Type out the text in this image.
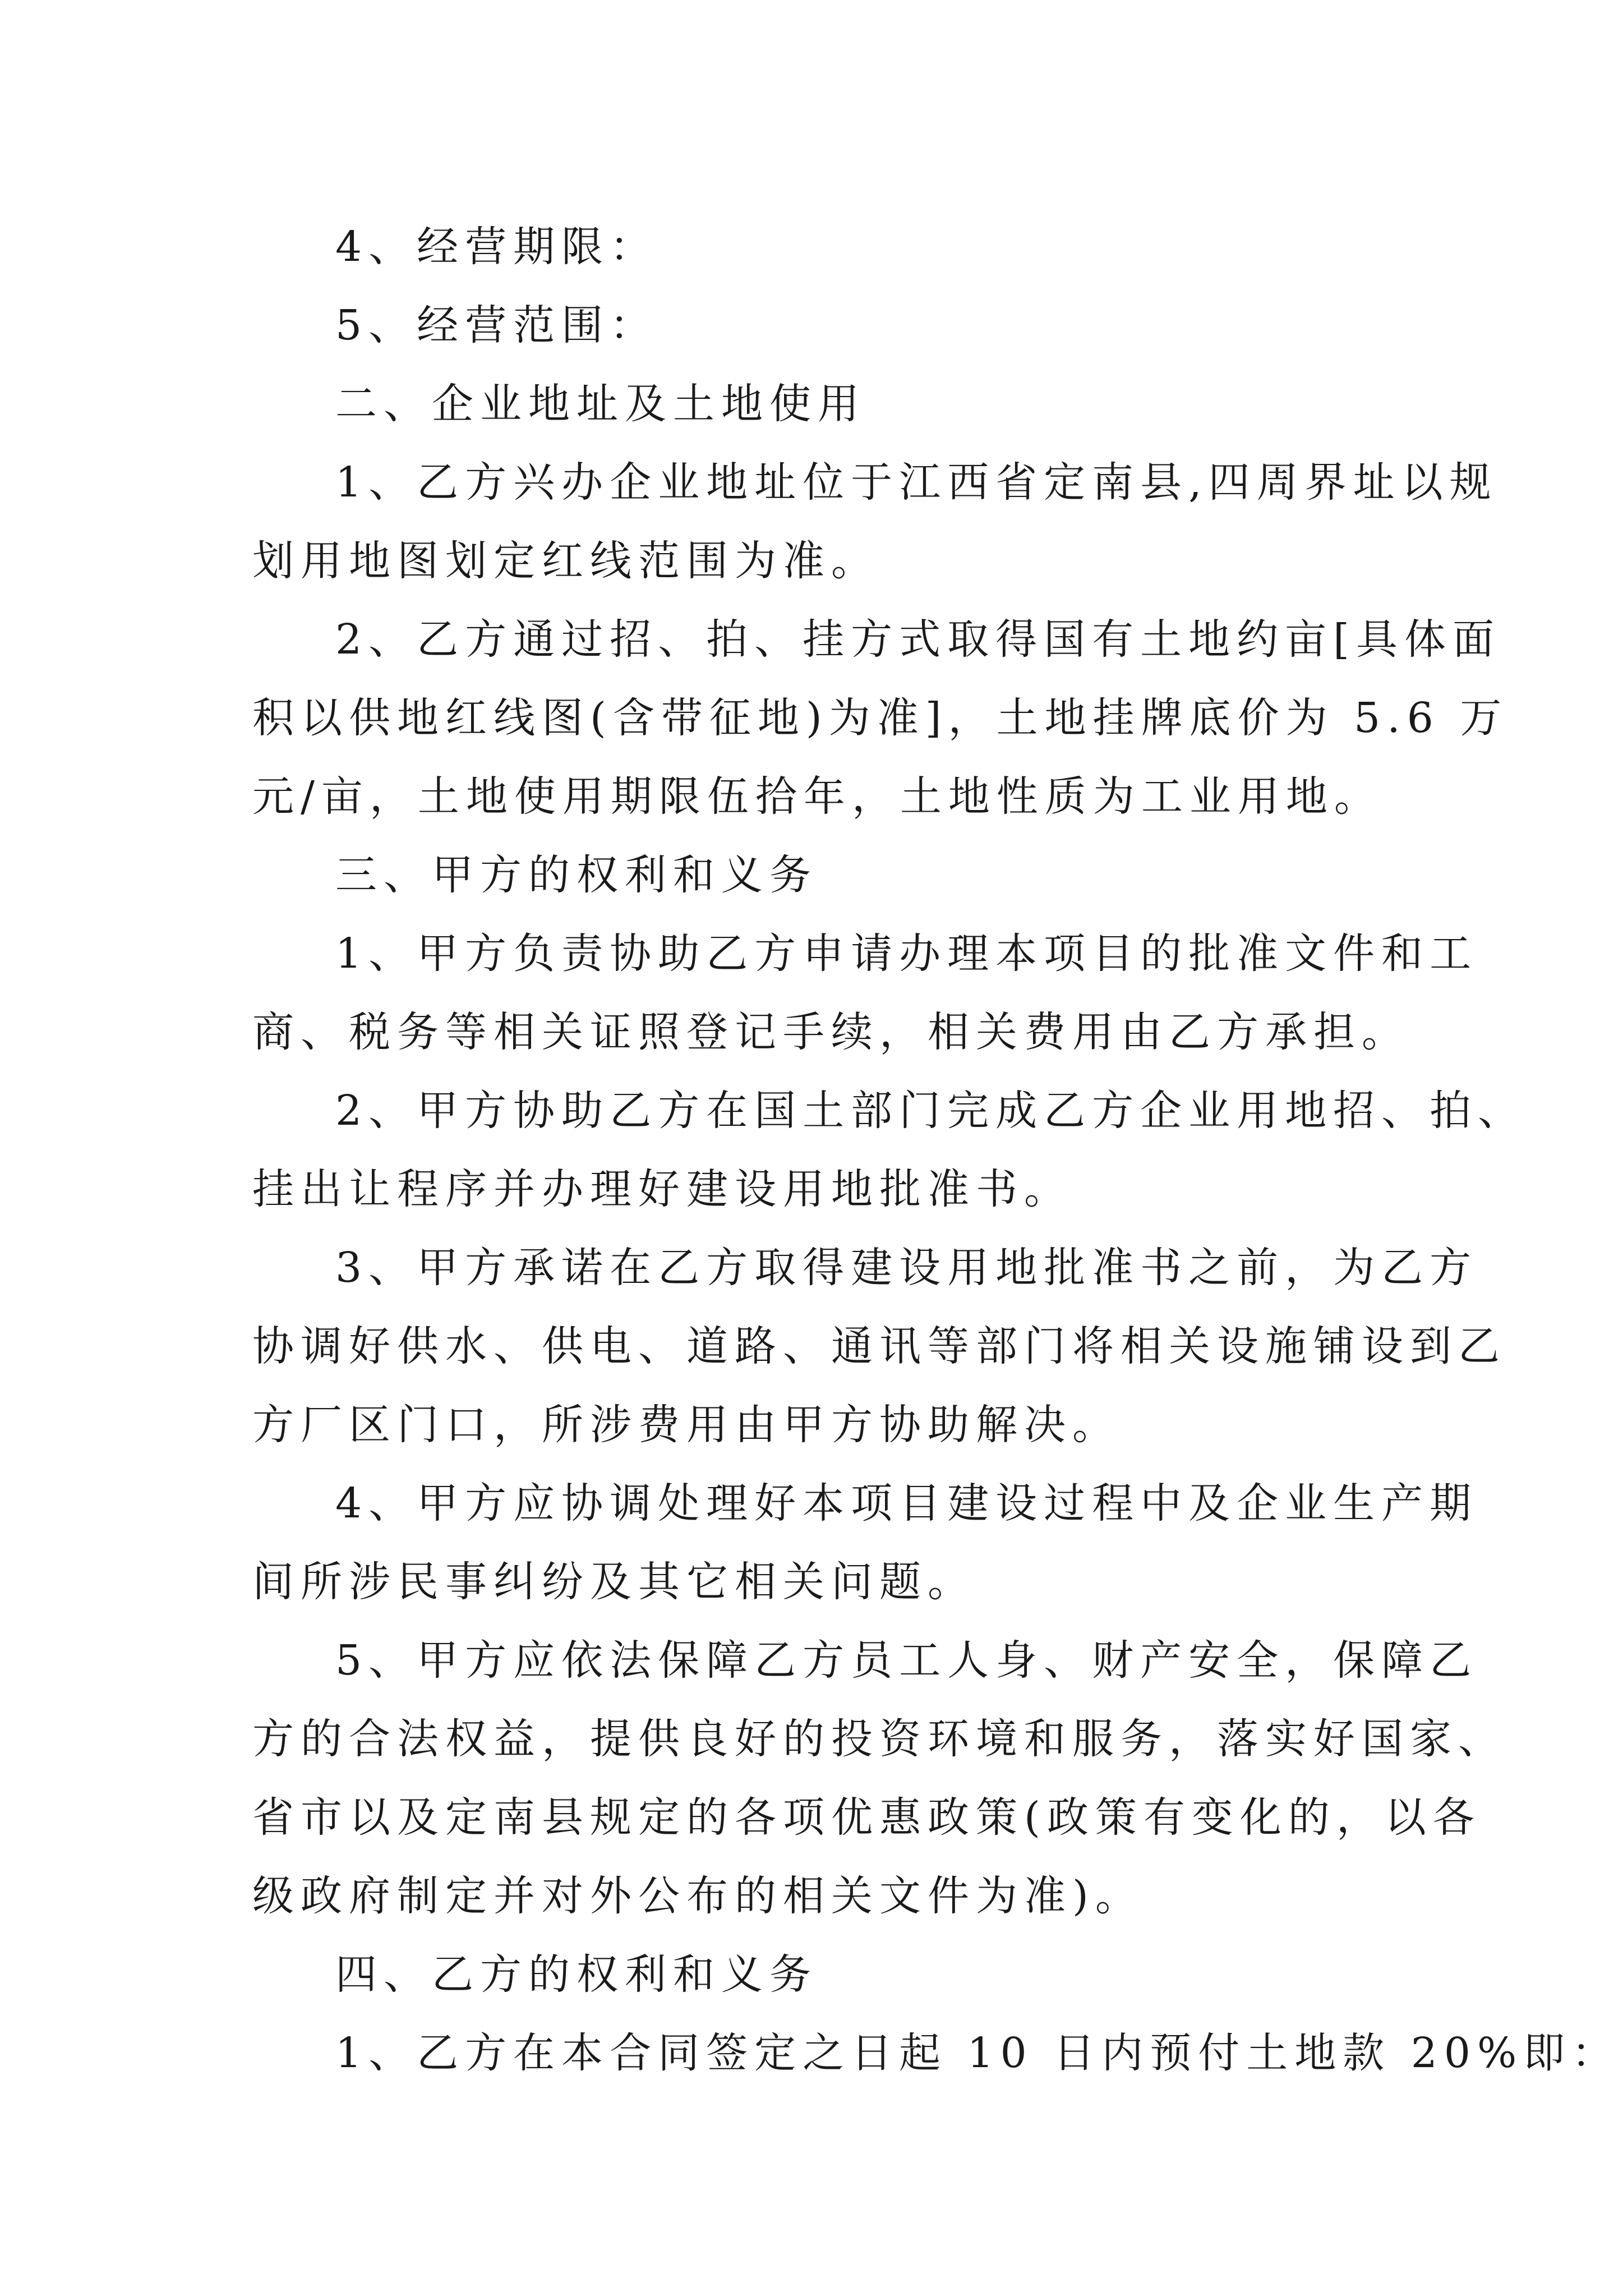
4、经营期限：
5、经营范围：
二、企业地址及土地使用
1、乙方兴办企业地址位于江西省定南县,四周界址以规
划用地图划定红线范围为准。
2、乙方通过招、拍、挂方式取得国有土地约亩[具体面
积以供地红线图(含带征地)为准]，土地挂牌底价为 5.6 万
元/亩，土地使用期限伍拾年，土地性质为工业用地。
三、甲方的权利和义务
1、甲方负责协助乙方申请办理本项目的批准文件和工
商、税务等相关证照登记手续，相关费用由乙方承担。
2、甲方协助乙方在国土部门完成乙方企业用地招、拍、
挂出让程序并办理好建设用地批准书。
3、甲方承诺在乙方取得建设用地批准书之前，为乙方
协调好供水、供电、道路、通讯等部门将相关设施铺设到乙
方厂区门口，所涉费用由甲方协助解决。
4、甲方应协调处理好本项目建设过程中及企业生产期
间所涉民事纠纷及其它相关问题。
5、甲方应依法保障乙方员工人身、财产安全，保障乙
方的合法权益，提供良好的投资环境和服务，落实好国家、
省市以及定南县规定的各项优惠政策(政策有变化的，以各
级政府制定并对外公布的相关文件为准)。
四、乙方的权利和义务
1、乙方在本合同签定之日起 10 日内预付土地款 20%即：
